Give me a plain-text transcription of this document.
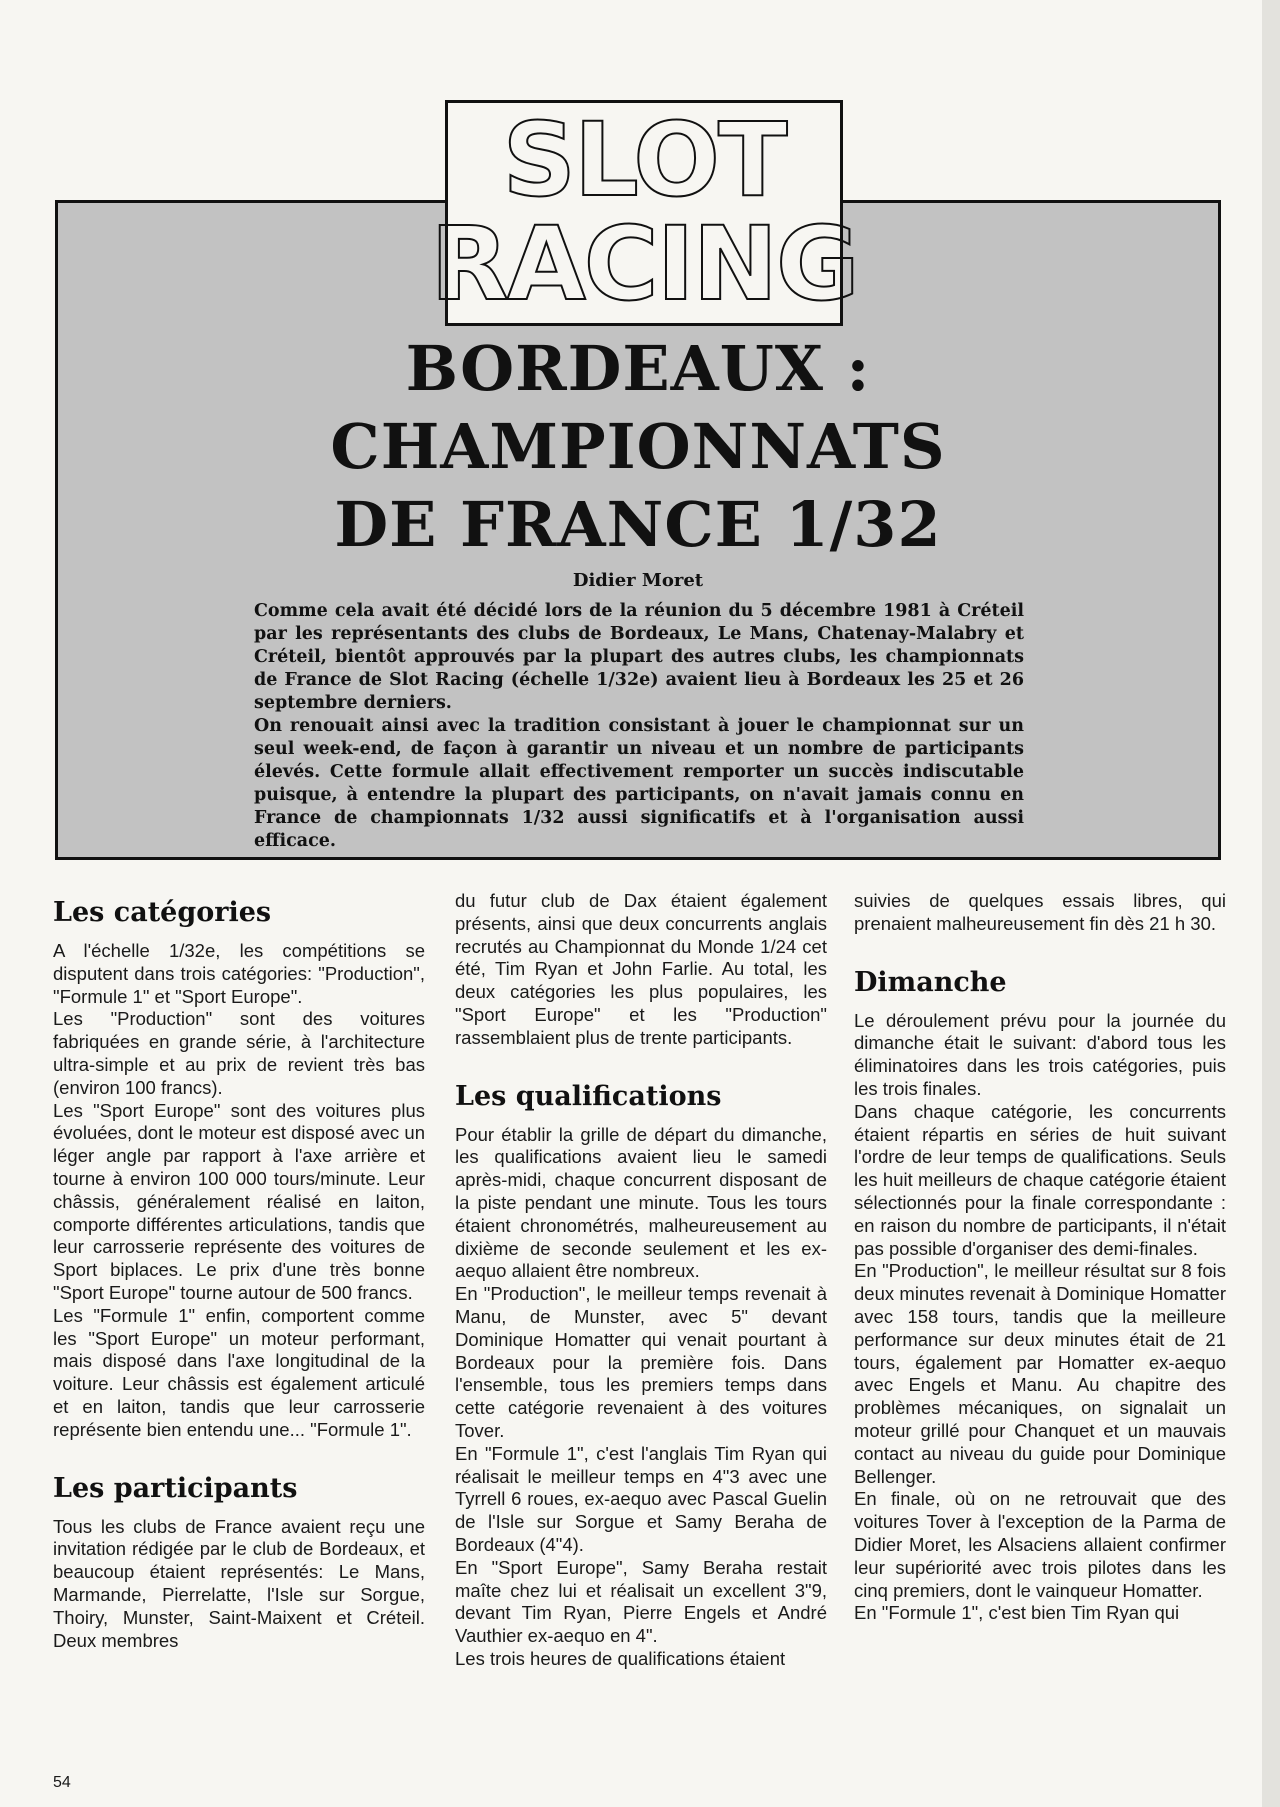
SLOT
RACING
BORDEAUX :
CHAMPIONNATS
DE FRANCE 1/32
Didier Moret

Comme cela avait été décidé lors de la réunion du 5 décembre 1981 à Créteil par les représentants des clubs de Bordeaux, Le Mans, Chatenay-Malabry et Créteil, bientôt approuvés par la plupart des autres clubs, les championnats de France de Slot Racing (échelle 1/32e) avaient lieu à Bordeaux les 25 et 26 septembre derniers.

On renouait ainsi avec la tradition consistant à jouer le championnat sur un seul week-end, de façon à garantir un niveau et un nombre de participants élevés. Cette formule allait effectivement remporter un succès indiscutable puisque, à entendre la plupart des participants, on n'avait jamais connu en France de championnats 1/32 aussi significatifs et à l'organisation aussi efficace.

Les catégories

A l'échelle 1/32e, les compétitions se disputent dans trois catégories: "Production", "Formule 1" et "Sport Europe".

Les "Production" sont des voitures fabriquées en grande série, à l'architecture ultra-simple et au prix de revient très bas (environ 100 francs).

Les "Sport Europe" sont des voitures plus évoluées, dont le moteur est disposé avec un léger angle par rapport à l'axe arrière et tourne à environ 100 000 tours/minute. Leur châssis, généralement réalisé en laiton, comporte différentes articulations, tandis que leur carrosserie représente des voitures de Sport biplaces. Le prix d'une très bonne "Sport Europe" tourne autour de 500 francs.

Les "Formule 1" enfin, comportent comme les "Sport Europe" un moteur performant, mais disposé dans l'axe longitudinal de la voiture. Leur châssis est également articulé et en laiton, tandis que leur carrosserie représente bien entendu une... "Formule 1".

Les participants

Tous les clubs de France avaient reçu une invitation rédigée par le club de Bordeaux, et beaucoup étaient représentés: Le Mans, Marmande, Pierrelatte, l'Isle sur Sorgue, Thoiry, Munster, Saint-Maixent et Créteil. Deux membres

du futur club de Dax étaient également présents, ainsi que deux concurrents anglais recrutés au Championnat du Monde 1/24 cet été, Tim Ryan et John Farlie. Au total, les deux catégories les plus populaires, les "Sport Europe" et les "Production" rassemblaient plus de trente participants.

Les qualifications

Pour établir la grille de départ du dimanche, les qualifications avaient lieu le samedi après-midi, chaque concurrent disposant de la piste pendant une minute. Tous les tours étaient chronométrés, malheureusement au dixième de seconde seulement et les ex-aequo allaient être nombreux.

En "Production", le meilleur temps revenait à Manu, de Munster, avec 5" devant Dominique Homatter qui venait pourtant à Bordeaux pour la première fois. Dans l'ensemble, tous les premiers temps dans cette catégorie revenaient à des voitures Tover.

En "Formule 1", c'est l'anglais Tim Ryan qui réalisait le meilleur temps en 4"3 avec une Tyrrell 6 roues, ex-aequo avec Pascal Guelin de l'Isle sur Sorgue et Samy Beraha de Bordeaux (4"4).

En "Sport Europe", Samy Beraha restait maîte chez lui et réalisait un excellent 3"9, devant Tim Ryan, Pierre Engels et André Vauthier ex-aequo en 4".

Les trois heures de qualifications étaient

suivies de quelques essais libres, qui prenaient malheureusement fin dès 21 h 30.

Dimanche

Le déroulement prévu pour la journée du dimanche était le suivant: d'abord tous les éliminatoires dans les trois catégories, puis les trois finales.

Dans chaque catégorie, les concurrents étaient répartis en séries de huit suivant l'ordre de leur temps de qualifications. Seuls les huit meilleurs de chaque catégorie étaient sélectionnés pour la finale correspondante : en raison du nombre de participants, il n'était pas possible d'organiser des demi-finales.

En "Production", le meilleur résultat sur 8 fois deux minutes revenait à Dominique Homatter avec 158 tours, tandis que la meilleure performance sur deux minutes était de 21 tours, également par Homatter ex-aequo avec Engels et Manu. Au chapitre des problèmes mécaniques, on signalait un moteur grillé pour Chanquet et un mauvais contact au niveau du guide pour Dominique Bellenger.

En finale, où on ne retrouvait que des voitures Tover à l'exception de la Parma de Didier Moret, les Alsaciens allaient confirmer leur supériorité avec trois pilotes dans les cinq premiers, dont le vainqueur Homatter.

En "Formule 1", c'est bien Tim Ryan qui

54
